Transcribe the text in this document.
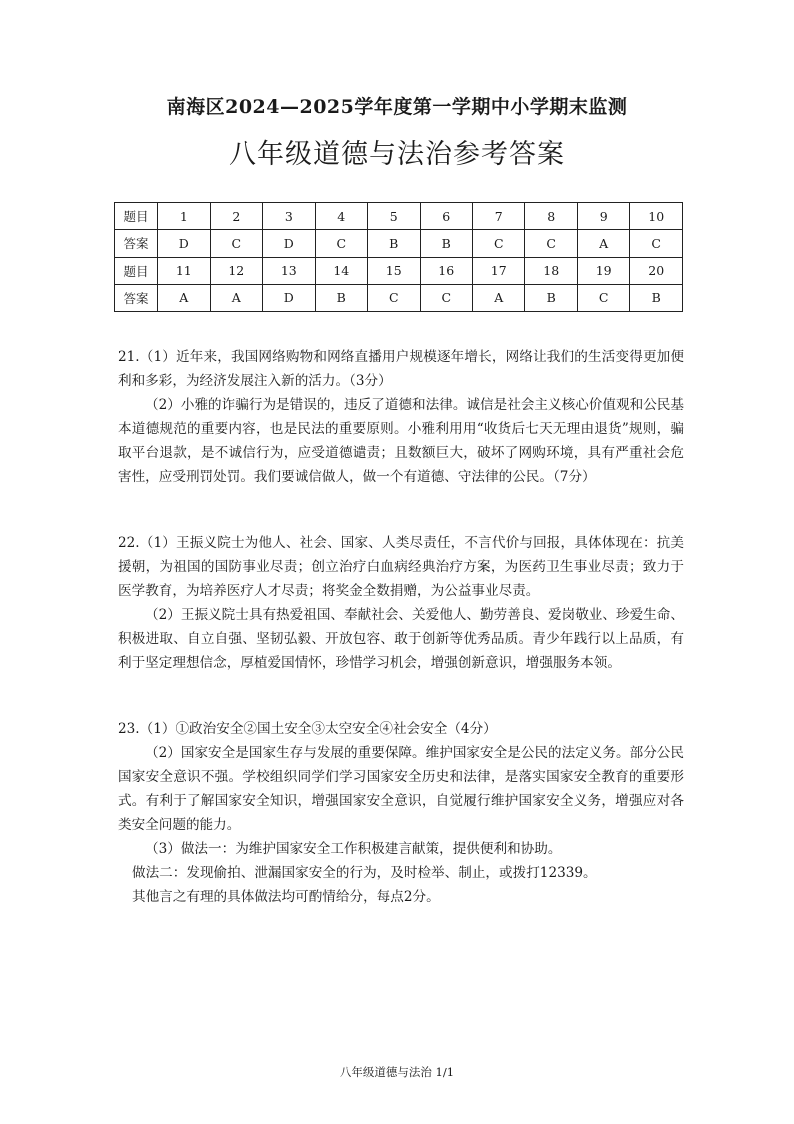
南海区2024—2025学年度第一学期中小学期末监测
八年级道德与法治参考答案
题目	1	2	3	4	5	6	7	8	9	10
答案	D	C	D	C	B	B	C	C	A	C
题目	11	12	13	14	15	16	17	18	19	20
答案	A	A	D	B	C	C	A	B	C	B

21.（1）近年来，我国网络购物和网络直播用户规模逐年增长，网络让我们的生活变得更加便利和多彩，为经济发展注入新的活力。（3分）

（2）小雅的诈骗行为是错误的，违反了道德和法律。诚信是社会主义核心价值观和公民基本道德规范的重要内容，也是民法的重要原则。小雅利用用“收货后七天无理由退货”规则，骗取平台退款，是不诚信行为，应受道德谴责；且数额巨大，破坏了网购环境，具有严重社会危害性，应受刑罚处罚。我们要诚信做人，做一个有道德、守法律的公民。（7分）

22.（1）王振义院士为他人、社会、国家、人类尽责任，不言代价与回报，具体体现在：抗美援朝，为祖国的国防事业尽责；创立治疗白血病经典治疗方案，为医药卫生事业尽责；致力于医学教育，为培养医疗人才尽责；将奖金全数捐赠，为公益事业尽责。

（2）王振义院士具有热爱祖国、奉献社会、关爱他人、勤劳善良、爱岗敬业、珍爱生命、积极进取、自立自强、坚韧弘毅、开放包容、敢于创新等优秀品质。青少年践行以上品质，有利于坚定理想信念，厚植爱国情怀，珍惜学习机会，增强创新意识，增强服务本领。

23.（1）①政治安全②国土安全③太空安全④社会安全（4分）

（2）国家安全是国家生存与发展的重要保障。维护国家安全是公民的法定义务。部分公民国家安全意识不强。学校组织同学们学习国家安全历史和法律，是落实国家安全教育的重要形式。有利于了解国家安全知识，增强国家安全意识，自觉履行维护国家安全义务，增强应对各类安全问题的能力。

（3）做法一：为维护国家安全工作积极建言献策，提供便利和协助。

做法二：发现偷拍、泄漏国家安全的行为，及时检举、制止，或拨打12339。

其他言之有理的具体做法均可酌情给分，每点2分。

八年级道德与法治 1/1
